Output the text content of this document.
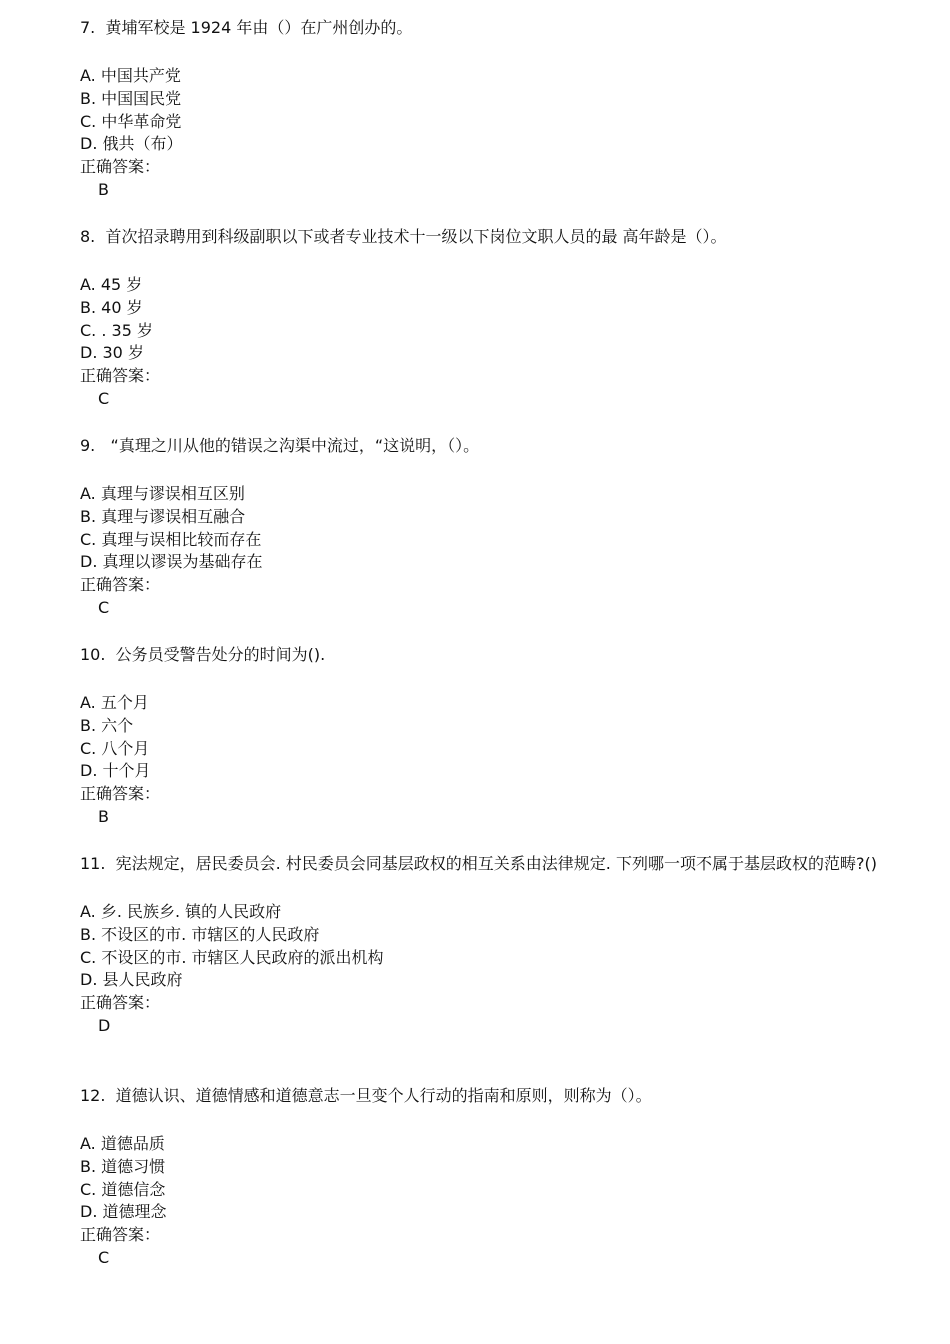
7.  黄埔军校是 1924 年由（）在广州创办的。

A. 中国共产党

B. 中国国民党

C. 中华革命党

D. 俄共（布）

正确答案：

B

8.  首次招录聘用到科级副职以下或者专业技术十一级以下岗位文职人员的最 高年龄是（）。

A. 45 岁

B. 40 岁

C. . 35 岁

D. 30 岁

正确答案：

C

9.   “真理之川从他的错误之沟渠中流过，“这说明，（）。

A. 真理与谬误相互区别

B. 真理与谬误相互融合

C. 真理与误相比较而存在

D. 真理以谬误为基础存在

正确答案：

C

10.  公务员受警告处分的时间为().

A. 五个月

B. 六个

C. 八个月

D. 十个月

正确答案：

B

11.  宪法规定，居民委员会. 村民委员会同基层政权的相互关系由法律规定. 下列哪一项不属于基层政权的范畴?()

A. 乡. 民族乡. 镇的人民政府

B. 不设区的市. 市辖区的人民政府

C. 不设区的市. 市辖区人民政府的派出机构

D. 县人民政府

正确答案：

D

12.  道德认识、道德情感和道德意志一旦变个人行动的指南和原则，则称为（）。

A. 道德品质

B. 道德习惯

C. 道德信念

D. 道德理念

正确答案：

C
